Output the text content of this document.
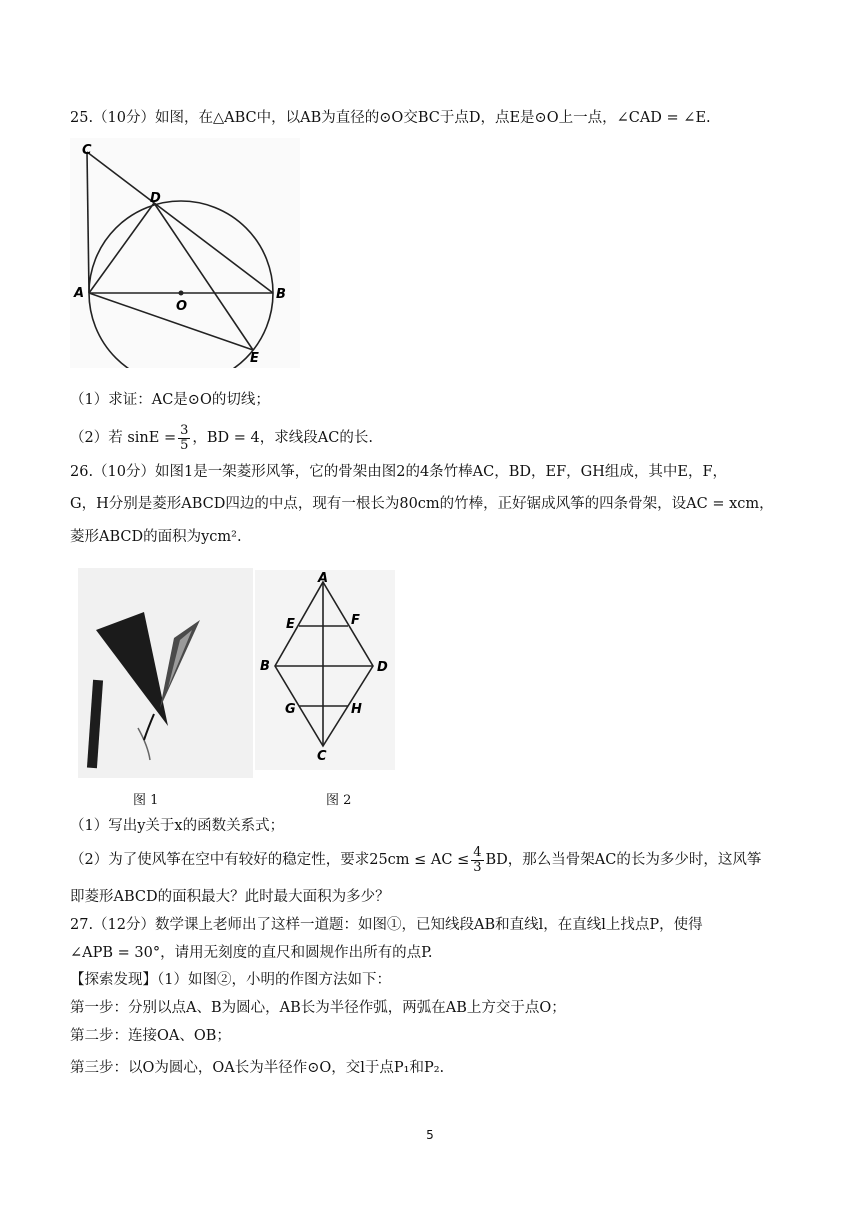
25.（10分）如图，在△ABC中，以AB为直径的⊙O交BC于点D，点E是⊙O上一点，∠CAD = ∠E.
C
D
A
O
B
E
（1）求证：AC是⊙O的切线；
（2）若 $\sin E = \frac{3}{5}$ ，BD = 4，求线段AC的长.
26.（10分）如图1是一架菱形风筝，它的骨架由图2的4条竹棒AC，BD，EF，GH组成，其中E，F，
G，H分别是菱形ABCD四边的中点，现有一根长为80cm的竹棒，正好锯成风筝的四条骨架，设AC = xcm，
菱形ABCD的面积为ycm².
A
E	F
B	D
G	H
C
图 1	图 2
（1）写出y关于x的函数关系式；
（2）为了使风筝在空中有较好的稳定性，要求25cm ≤ AC ≤ $\frac{4}{3}$ BD，那么当骨架AC的长为多少时，这风筝
即菱形ABCD的面积最大？此时最大面积为多少？
27.（12分）数学课上老师出了这样一道题：如图①，已知线段AB和直线l，在直线l上找点P，使得
∠APB = 30°，请用无刻度的直尺和圆规作出所有的点P.
【探索发现】（1）如图②，小明的作图方法如下：
第一步：分别以点A、B为圆心，AB长为半径作弧，两弧在AB上方交于点O；
第二步：连接OA、OB；
第三步：以O为圆心，OA长为半径作⊙O，交l于点P₁和P₂.
5
